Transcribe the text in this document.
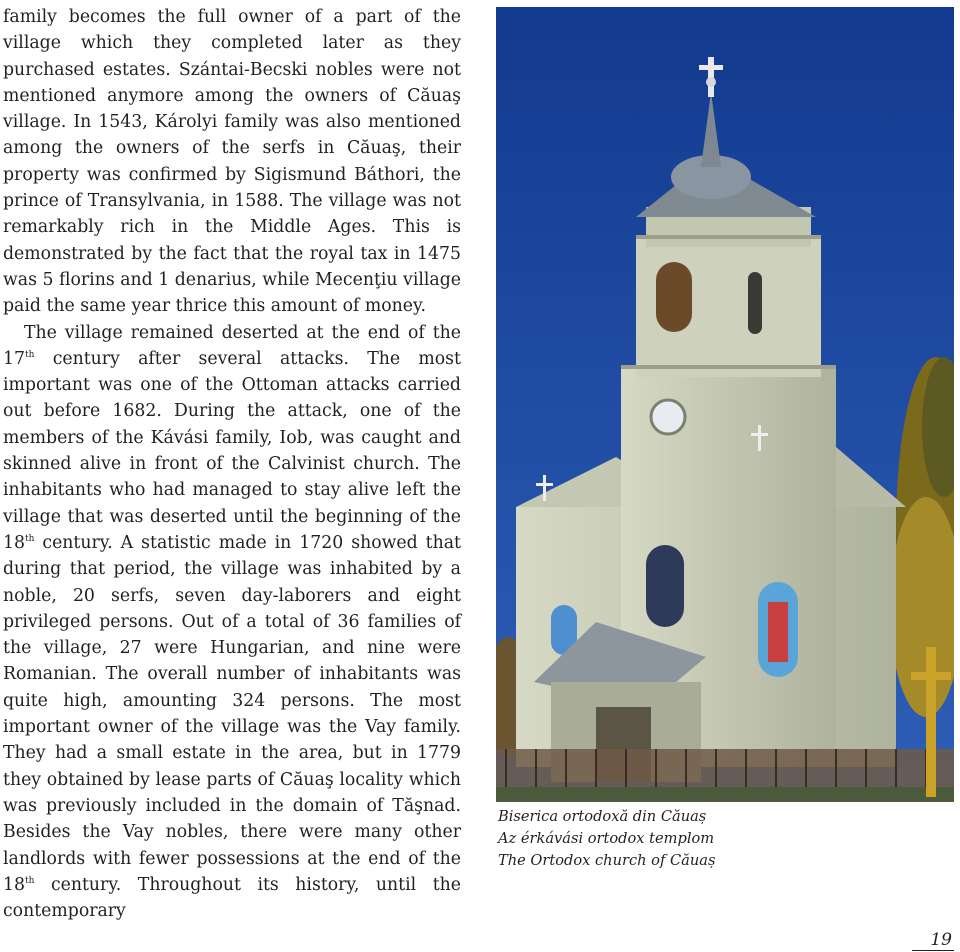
family becomes the full owner of a part of the village which they completed later as they purchased estates. Szántai-Becski nobles were not mentioned anymore among the owners of Căuaş village. In 1543, Károlyi family was also mentioned among the owners of the serfs in Căuaş, their property was confirmed by Sigismund Báthori, the prince of Transylvania, in 1588. The village was not remarkably rich in the Middle Ages. This is demonstrated by the fact that the royal tax in 1475 was 5 florins and 1 denarius, while Mecenţiu village paid the same year thrice this amount of money.

The village remained deserted at the end of the 17th century after several attacks. The most important was one of the Ottoman attacks carried out before 1682. During the attack, one of the members of the Kávási family, Iob, was caught and skinned alive in front of the Calvinist church. The inhabitants who had managed to stay alive left the village that was deserted until the beginning of the 18th century. A statistic made in 1720 showed that during that period, the village was inhabited by a noble, 20 serfs, seven day-laborers and eight privileged persons. Out of a total of 36 families of the village, 27 were Hungarian, and nine were Romanian. The overall number of inhabitants was quite high, amounting 324 persons. The most important owner of the village was the Vay family. They had a small estate in the area, but in 1779 they obtained by lease parts of Căuaş locality which was previously included in the domain of Tăşnad. Besides the Vay nobles, there were many other landlords with fewer possessions at the end of the 18th century. Throughout its history, until the contemporary

Biserica ortodoxă din Căuaș
Az érkávási ortodox templom
The Ortodox church of Căuaș
19
